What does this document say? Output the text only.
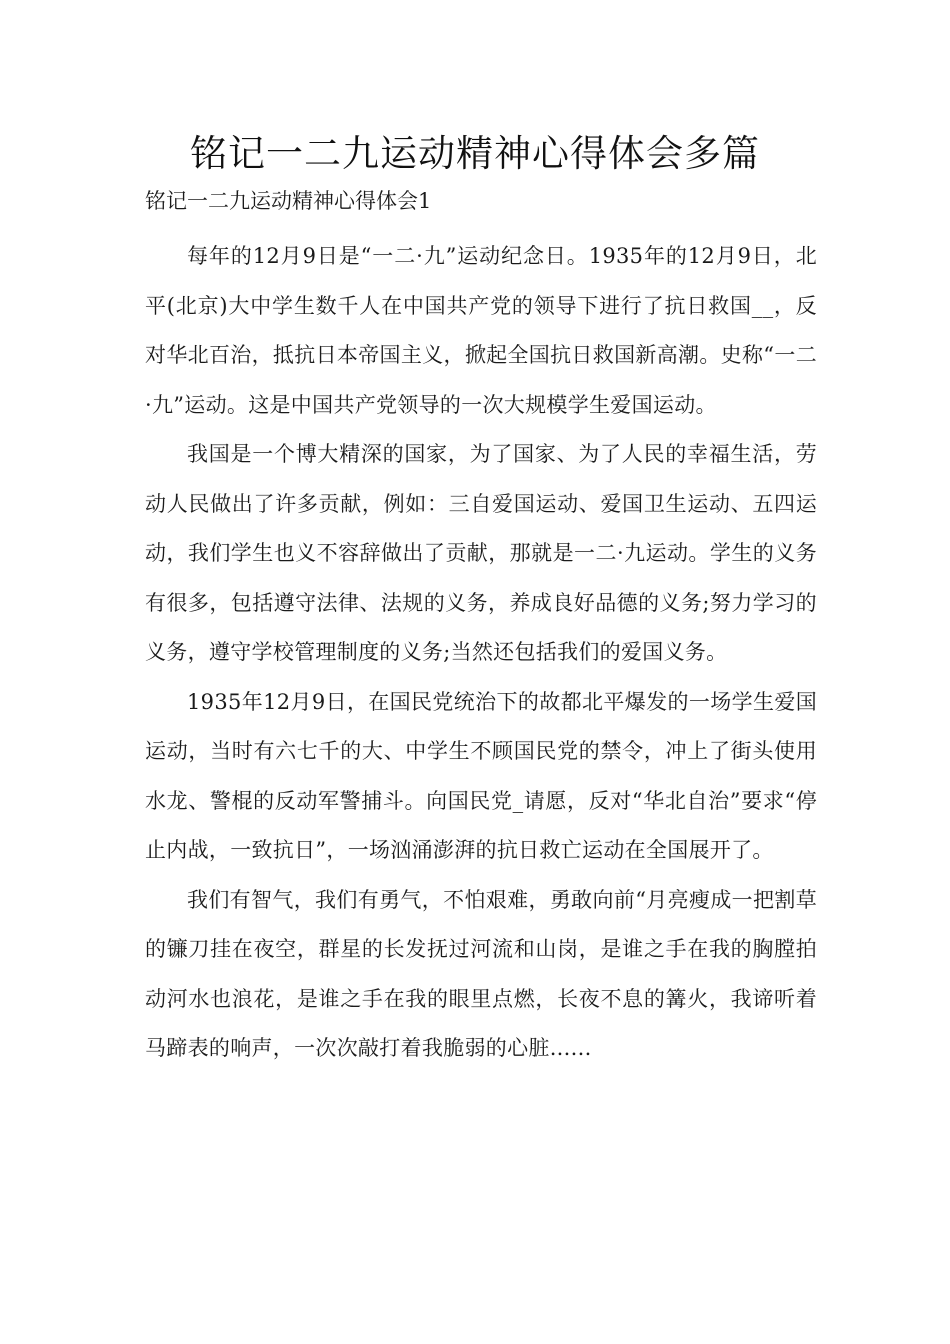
铭记一二九运动精神心得体会多篇

铭记一二九运动精神心得体会1

每年的12月9日是“一二·九”运动纪念日。1935年的12月9日，北平(北京)大中学生数千人在中国共产党的领导下进行了抗日救国__，反对华北百治，抵抗日本帝国主义，掀起全国抗日救国新高潮。史称“一二·九”运动。这是中国共产党领导的一次大规模学生爱国运动。

我国是一个博大精深的国家，为了国家、为了人民的幸福生活，劳动人民做出了许多贡献，例如：三自爱国运动、爱国卫生运动、五四运动，我们学生也义不容辞做出了贡献，那就是一二·九运动。学生的义务有很多，包括遵守法律、法规的义务，养成良好品德的义务;努力学习的义务，遵守学校管理制度的义务;当然还包括我们的爱国义务。

1935年12月9日，在国民党统治下的故都北平爆发的一场学生爱国运动，当时有六七千的大、中学生不顾国民党的禁令，冲上了街头使用水龙、警棍的反动军警捕斗。向国民党_请愿，反对“华北自治”要求“停止内战，一致抗日”，一场汹涌澎湃的抗日救亡运动在全国展开了。

我们有智气，我们有勇气，不怕艰难，勇敢向前“月亮瘦成一把割草的镰刀挂在夜空，群星的长发抚过河流和山岗，是谁之手在我的胸膛拍动河水也浪花，是谁之手在我的眼里点燃，长夜不息的篝火，我谛听着马蹄表的响声，一次次敲打着我脆弱的心脏......
